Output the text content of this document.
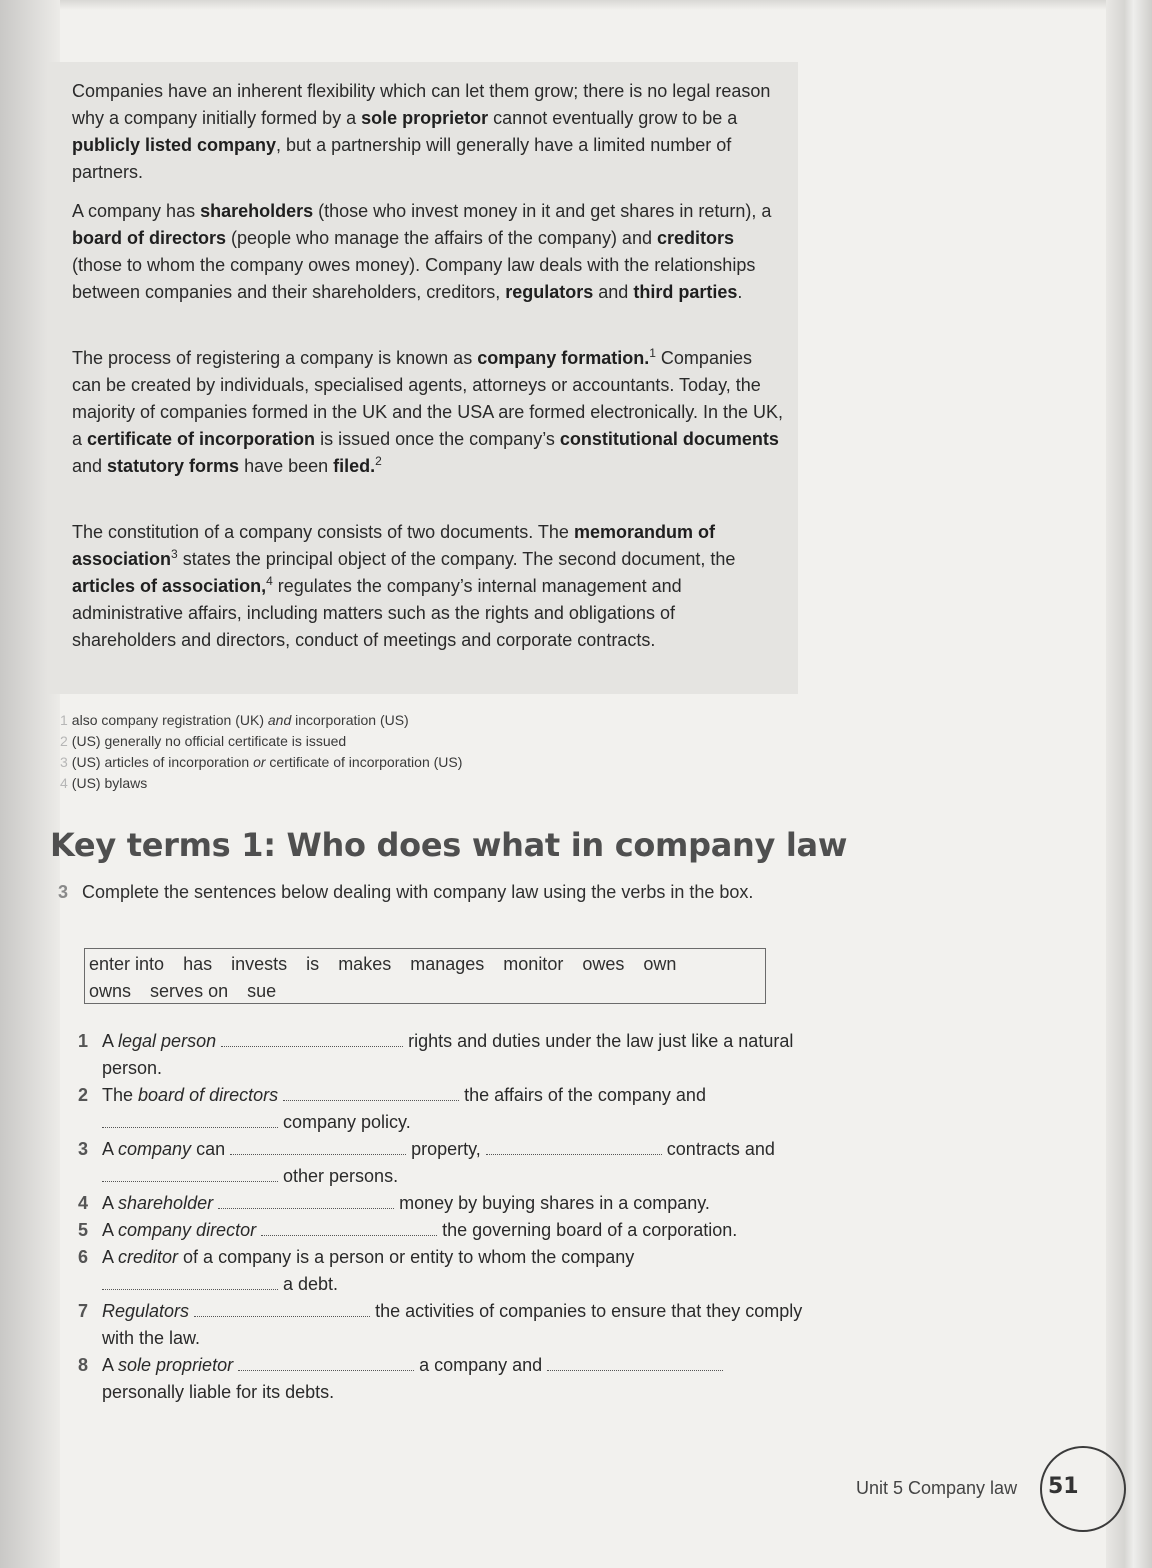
Companies have an inherent flexibility which can let them grow; there is no legal reason why a company initially formed by a sole proprietor cannot eventually grow to be a publicly listed company, but a partnership will generally have a limited number of partners.

A company has shareholders (those who invest money in it and get shares in return), a board of directors (people who manage the affairs of the company) and creditors (those to whom the company owes money). Company law deals with the relationships between companies and their shareholders, creditors, regulators and third parties.

The process of registering a company is known as company formation.$^1$ Companies can be created by individuals, specialised agents, attorneys or accountants. Today, the majority of companies formed in the UK and the USA are formed electronically. In the UK, a certificate of incorporation is issued once the company’s constitutional documents and statutory forms have been filed.$^2$

The constitution of a company consists of two documents. The memorandum of association$^3$ states the principal object of the company. The second document, the articles of association,$^4$ regulates the company’s internal management and administrative affairs, including matters such as the rights and obligations of shareholders and directors, conduct of meetings and corporate contracts.

1 also company registration (UK) and incorporation (US)
2 (US) generally no official certificate is issued
3 (US) articles of incorporation or certificate of incorporation (US)
4 (US) bylaws
Key terms 1: Who does what in company law

3 Complete the sentences below dealing with company law using the verbs in the box.

enter into has invests is makes manages monitor owes own
owns serves on sue
1 A legal person	rights and duties under the law just like a natural person.
2 The board of directors	the affairs of the company and  company policy.
3 A company can	property,	contracts and  other persons.
4 A shareholder	money by buying shares in a company.
5 A company director	the governing board of a corporation.
6 A creditor of a company is a person or entity to whom the company  a debt.
7 Regulators	the activities of companies to ensure that they comply with the law.
8 A sole proprietor	a company and  personally liable for its debts.
Unit 5 Company law 51
